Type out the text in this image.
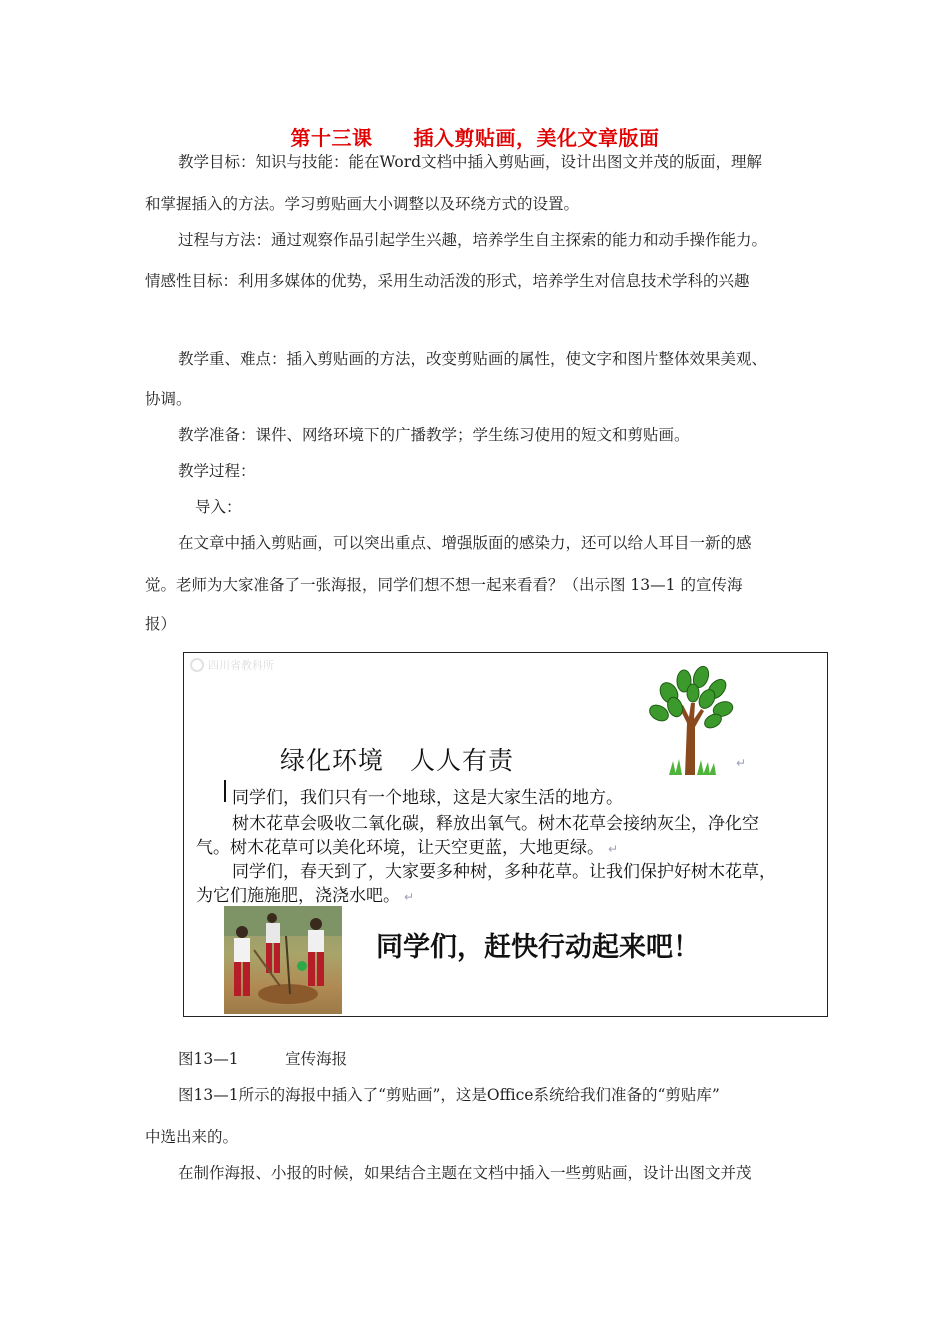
第十三课　　插入剪贴画，美化文章版面
教学目标：知识与技能：能在Word文档中插入剪贴画，设计出图文并茂的版面，理解
和掌握插入的方法。学习剪贴画大小调整以及环绕方式的设置。
过程与方法：通过观察作品引起学生兴趣，培养学生自主探索的能力和动手操作能力。
情感性目标：利用多媒体的优势，采用生动活泼的形式，培养学生对信息技术学科的兴趣
教学重、难点：插入剪贴画的方法，改变剪贴画的属性，使文字和图片整体效果美观、
协调。
教学准备：课件、网络环境下的广播教学；学生练习使用的短文和剪贴画。
教学过程：
导入：
在文章中插入剪贴画，可以突出重点、增强版面的感染力，还可以给人耳目一新的感
觉。老师为大家准备了一张海报，同学们想不想一起来看看？（出示图 13—1 的宣传海
报）
四川省教科所
绿化环境　人人有责	↵
同学们，我们只有一个地球，这是大家生活的地方。
树木花草会吸收二氧化碳，释放出氧气。树木花草会接纳灰尘，净化空
气。树木花草可以美化环境，让天空更蓝，大地更绿。 ↵
同学们，春天到了，大家要多种树，多种花草。让我们保护好树木花草，
为它们施施肥，浇浇水吧。 ↵
同学们，赶快行动起来吧！
图13—1　　　宣传海报
图13—1所示的海报中插入了“剪贴画”，这是Office系统给我们准备的“剪贴库”
中选出来的。
在制作海报、小报的时候，如果结合主题在文档中插入一些剪贴画，设计出图文并茂
